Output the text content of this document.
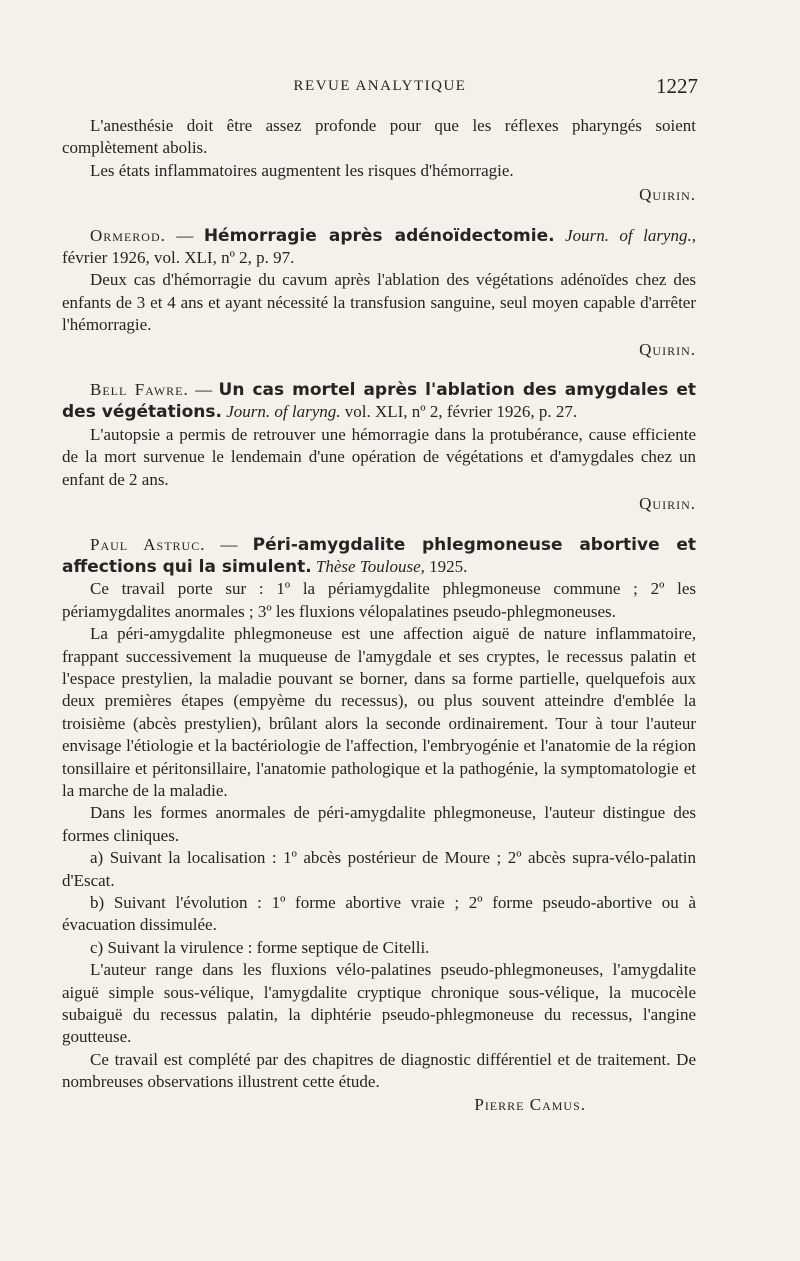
REVUE ANALYTIQUE	1227

L'anesthésie doit être assez profonde pour que les réflexes pharyngés soient complètement abolis.

Les états inflammatoires augmentent les risques d'hémorragie.

Quirin.

Ormerod. — Hémorragie après adénoïdectomie. Journ. of laryng., février 1926, vol. XLI, nº 2, p. 97.

Deux cas d'hémorragie du cavum après l'ablation des végétations adénoïdes chez des enfants de 3 et 4 ans et ayant nécessité la transfusion sanguine, seul moyen capable d'arrêter l'hémorragie.

Quirin.

Bell Fawre. — Un cas mortel après l'ablation des amygdales et des végétations. Journ. of laryng. vol. XLI, nº 2, février 1926, p. 27.

L'autopsie a permis de retrouver une hémorragie dans la protubérance, cause efficiente de la mort survenue le lendemain d'une opération de végétations et d'amygdales chez un enfant de 2 ans.

Quirin.

Paul Astruc. — Péri-amygdalite phlegmoneuse abortive et affections qui la simulent. Thèse Toulouse, 1925.

Ce travail porte sur : 1º la périamygdalite phlegmoneuse commune ; 2º les périamygdalites anormales ; 3º les fluxions vélopalatines pseudo-phlegmoneuses.

La péri-amygdalite phlegmoneuse est une affection aiguë de nature inflammatoire, frappant successivement la muqueuse de l'amygdale et ses cryptes, le recessus palatin et l'espace prestylien, la maladie pouvant se borner, dans sa forme partielle, quelquefois aux deux premières étapes (empyème du recessus), ou plus souvent atteindre d'emblée la troisième (abcès prestylien), brûlant alors la seconde ordinairement. Tour à tour l'auteur envisage l'étiologie et la bactériologie de l'affection, l'embryogénie et l'anatomie de la région tonsillaire et péritonsillaire, l'anatomie pathologique et la pathogénie, la symptomatologie et la marche de la maladie.

Dans les formes anormales de péri-amygdalite phlegmoneuse, l'auteur distingue des formes cliniques.

a) Suivant la localisation : 1º abcès postérieur de Moure ; 2º abcès supra-vélo-palatin d'Escat.

b) Suivant l'évolution : 1º forme abortive vraie ; 2º forme pseudo-abortive ou à évacuation dissimulée.

c) Suivant la virulence : forme septique de Citelli.

L'auteur range dans les fluxions vélo-palatines pseudo-phlegmoneuses, l'amygdalite aiguë simple sous-vélique, l'amygdalite cryptique chronique sous-vélique, la mucocèle subaiguë du recessus palatin, la diphtérie pseudo-phlegmoneuse du recessus, l'angine goutteuse.

Ce travail est complété par des chapitres de diagnostic différentiel et de traitement. De nombreuses observations illustrent cette étude.

Pierre Camus.
